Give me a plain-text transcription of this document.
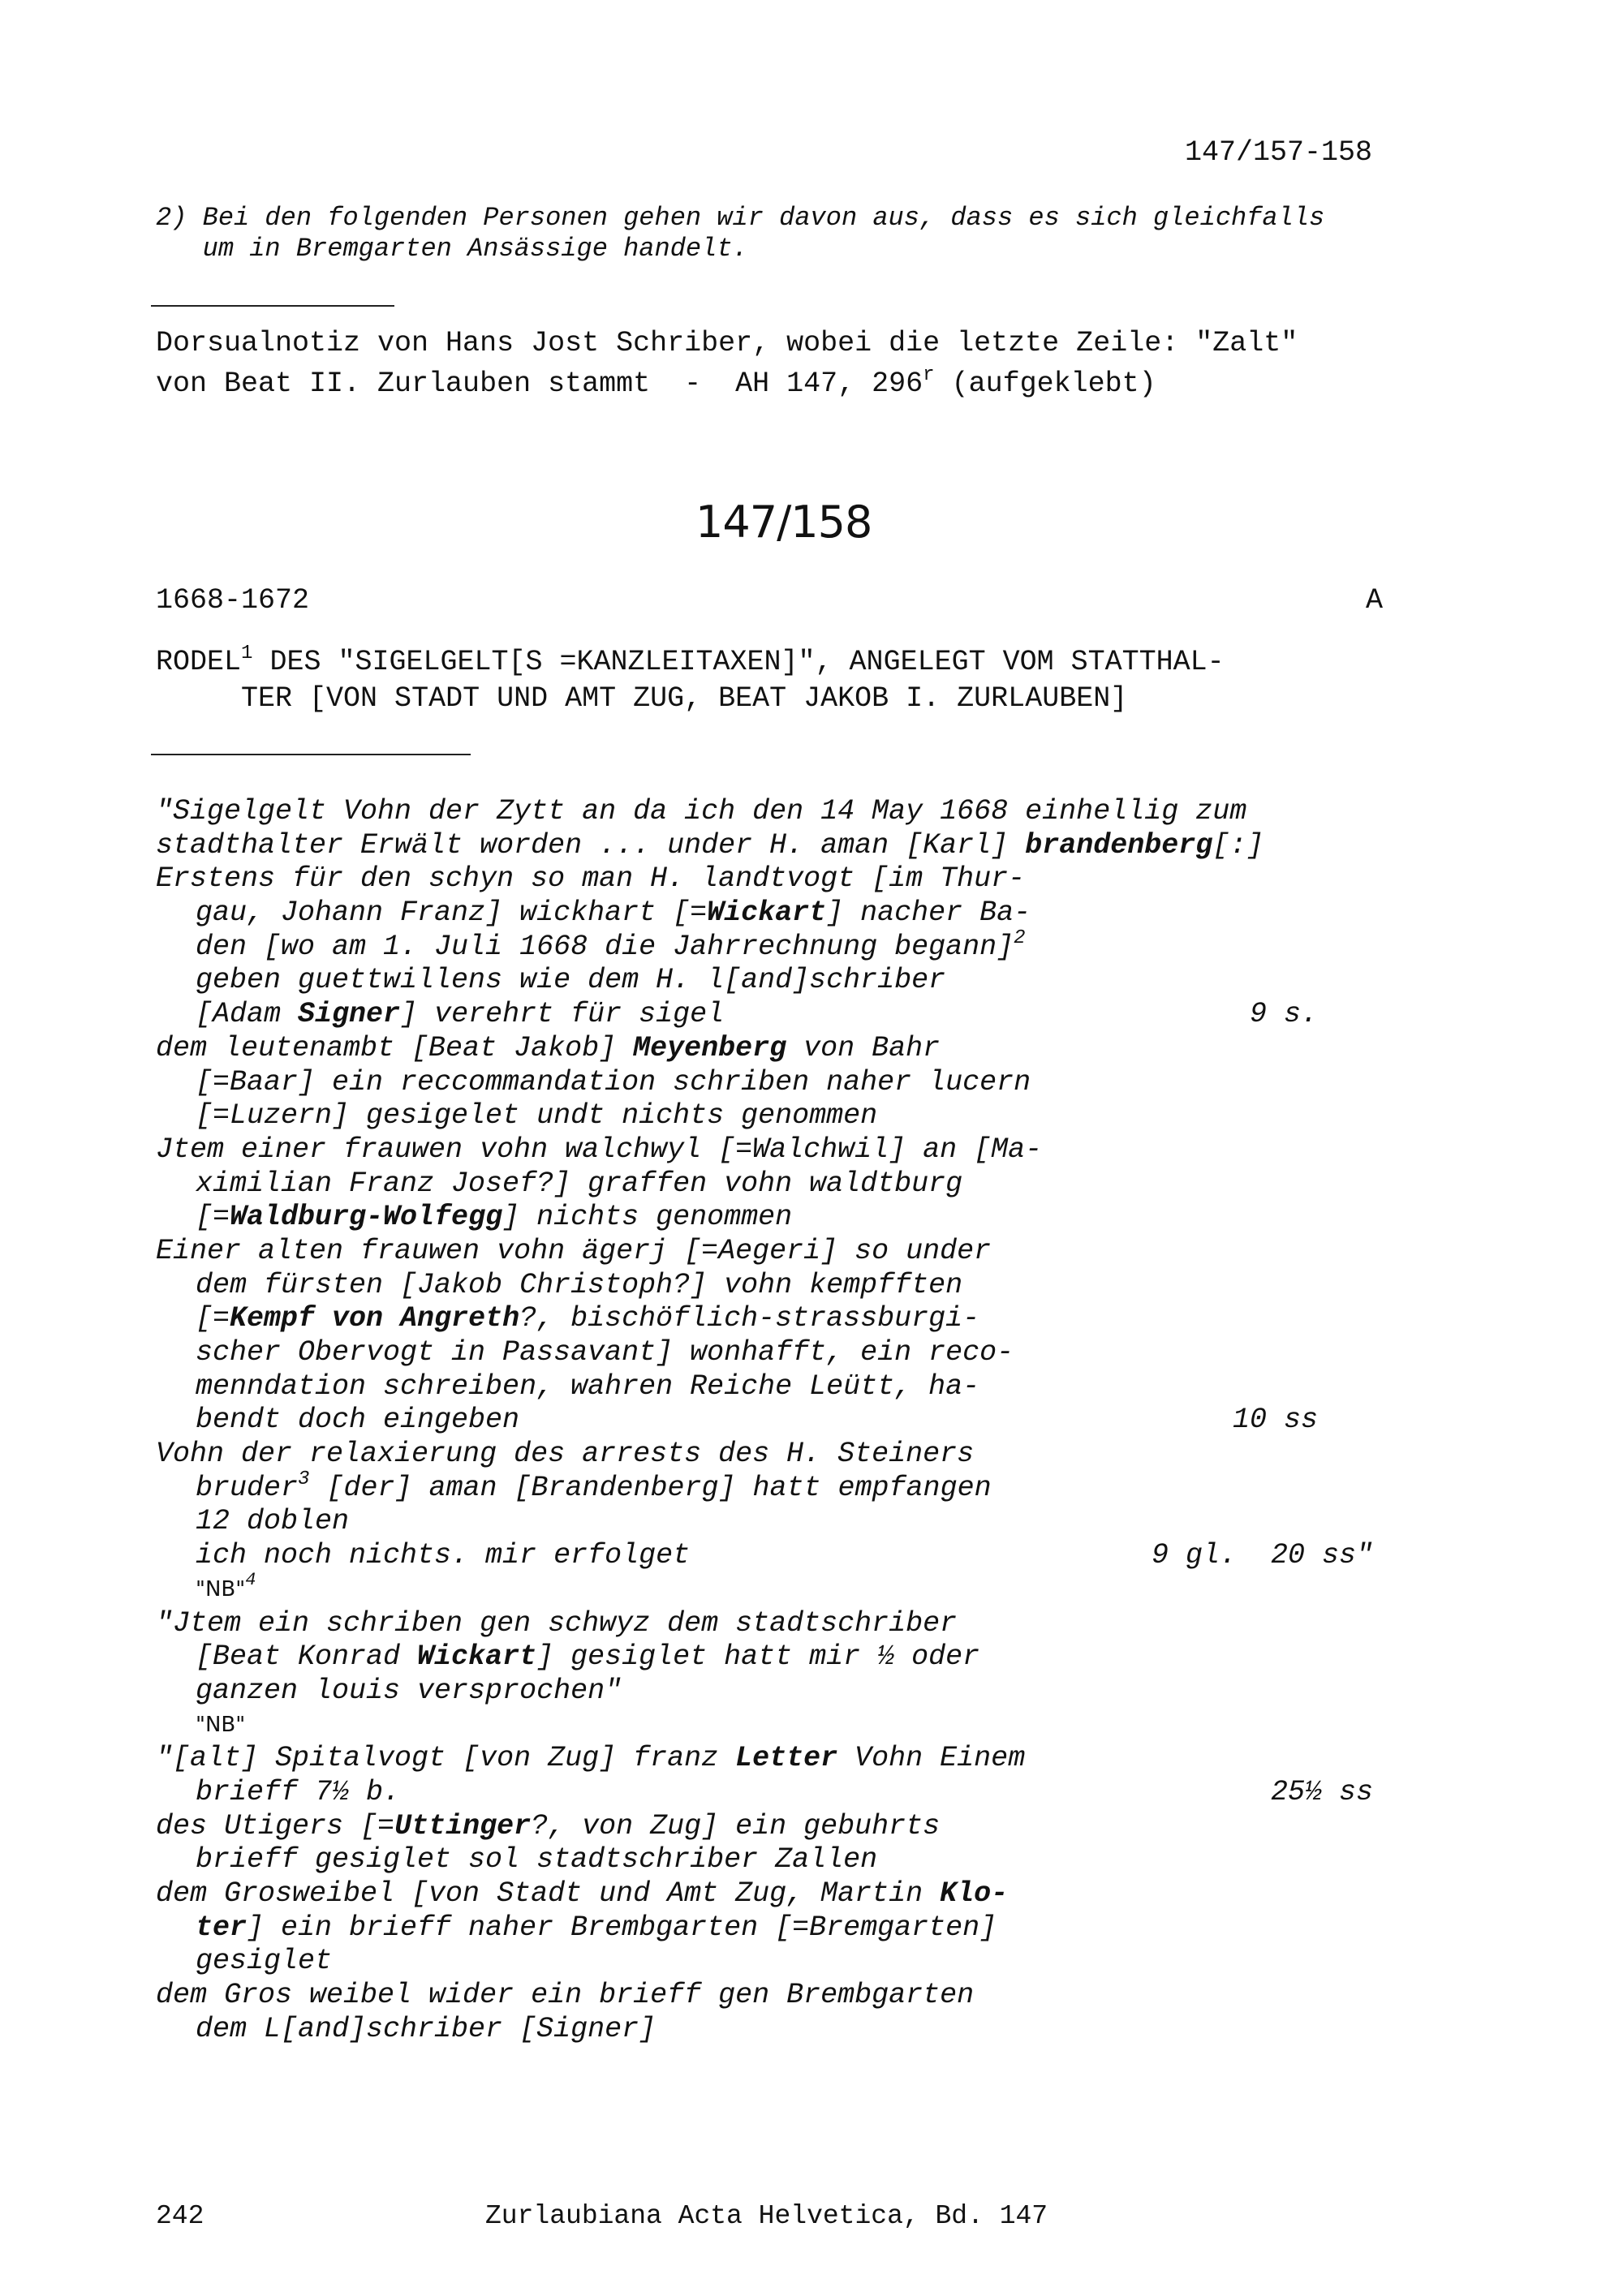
147/157-158
2) Bei den folgenden Personen gehen wir davon aus, dass es sich gleichfalls
um in Bremgarten Ansässige handelt.
Dorsualnotiz von Hans Jost Schriber, wobei die letzte Zeile: "Zalt"
von Beat II. Zurlauben stammt  -  AH 147, 296$^r$ (aufgeklebt)
147/158
1668-1672	A
RODEL$^1$ DES "SIGELGELT[S =KANZLEITAXEN]", ANGELEGT VOM STATTHAL-
TER [VON STADT UND AMT ZUG, BEAT JAKOB I. ZURLAUBEN]
"Sigelgelt Vohn der Zytt an da ich den 14 May 1668 einhellig zum
stadthalter Erwält worden ... under H. aman [Karl] brandenberg[:]
Erstens für den schyn so man H. landtvogt [im Thur-
gau, Johann Franz] wickhart [=Wickart] nacher Ba-
den [wo am 1. Juli 1668 die Jahrrechnung begann]$^2$
geben guettwillens wie dem H. l[and]schriber
[Adam Signer] verehrt für sigel	9 s.
dem leutenambt [Beat Jakob] Meyenberg von Bahr
[=Baar] ein reccommandation schriben naher lucern
[=Luzern] gesigelet undt nichts genommen
Jtem einer frauwen vohn walchwyl [=Walchwil] an [Ma-
ximilian Franz Josef?] graffen vohn waldtburg
[=Waldburg-Wolfegg] nichts genommen
Einer alten frauwen vohn ägerj [=Aegeri] so under
dem fürsten [Jakob Christoph?] vohn kempfften
[=Kempf von Angreth?, bischöflich-strassburgi-
scher Obervogt in Passavant] wonhafft, ein reco-
menndation schreiben, wahren Reiche Leütt, ha-
bendt doch eingeben	10 ss
Vohn der relaxierung des arrests des H. Steiners
bruder$^3$ [der] aman [Brandenberg] hatt empfangen
12 doblen
ich noch nichts. mir erfolget	9 gl.  20 ss"
"NB"$^4$
"Jtem ein schriben gen schwyz dem stadtschriber
[Beat Konrad Wickart] gesiglet hatt mir ½ oder
ganzen louis versprochen"
"NB"
"[alt] Spitalvogt [von Zug] franz Letter Vohn Einem
brieff 7½ b.	25½ ss
des Utigers [=Uttinger?, von Zug] ein gebuhrts
brieff gesiglet sol stadtschriber Zallen
dem Grosweibel [von Stadt und Amt Zug, Martin Klo-
ter] ein brieff naher Brembgarten [=Bremgarten]
gesiglet
dem Gros weibel wider ein brieff gen Brembgarten
dem L[and]schriber [Signer]
242	Zurlaubiana Acta Helvetica, Bd. 147
